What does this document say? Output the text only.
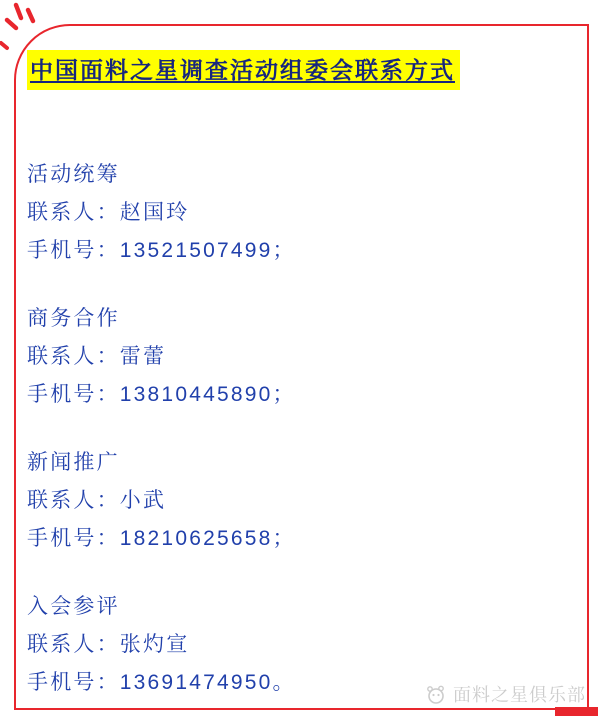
中国面料之星调查活动组委会联系方式
活动统筹
联系人：赵国玲
手机号：13521507499；
商务合作
联系人：雷蕾
手机号：13810445890；
新闻推广
联系人：小武
手机号：18210625658；
入会参评
联系人：张灼宣
手机号：13691474950。
面料之星俱乐部
